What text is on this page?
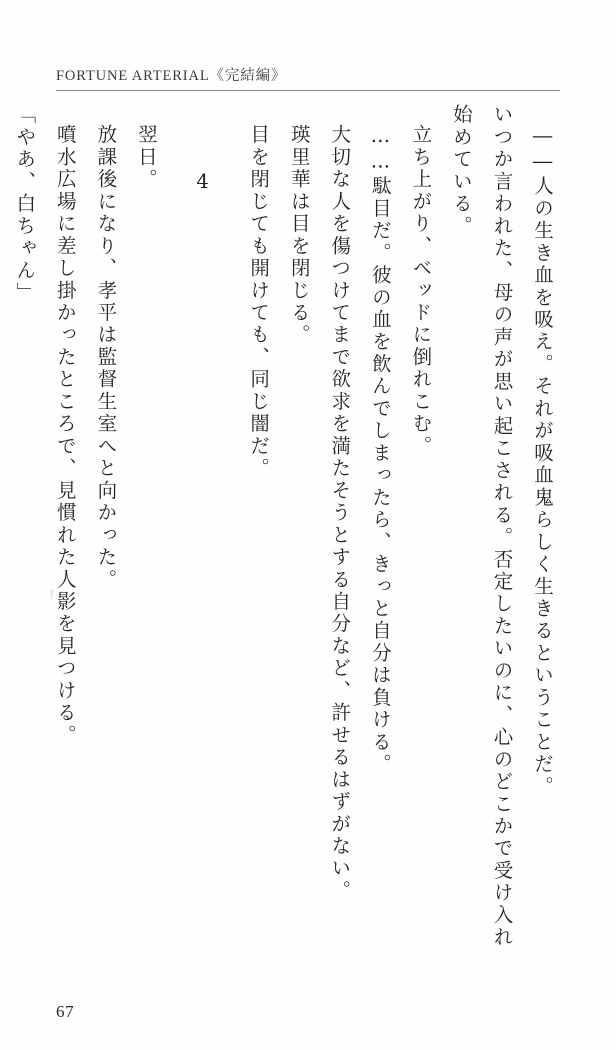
FORTUNE ARTERIAL《完結編》

――人の生き血を吸え。それが吸血鬼らしく生きるということだ。

いつか言われた、母の声が思い起こされる。否定したいのに、心のどこかで受け入れ始めている。

立ち上がり、ベッドに倒れこむ。

……駄目だ。彼の血を飲んでしまったら、きっと自分は負ける。

大切な人を傷つけてまで欲求を満たそうとする自分など、許せるはずがない。

瑛里華は目を閉じる。

目を閉じても開けても、同じ闇だ。

4

翌日。

放課後になり、孝平は監督生室へと向かった。

噴水広場に差し掛かったところで、見慣れた人影を見つける。

「やあ、白ちゃん」

67
